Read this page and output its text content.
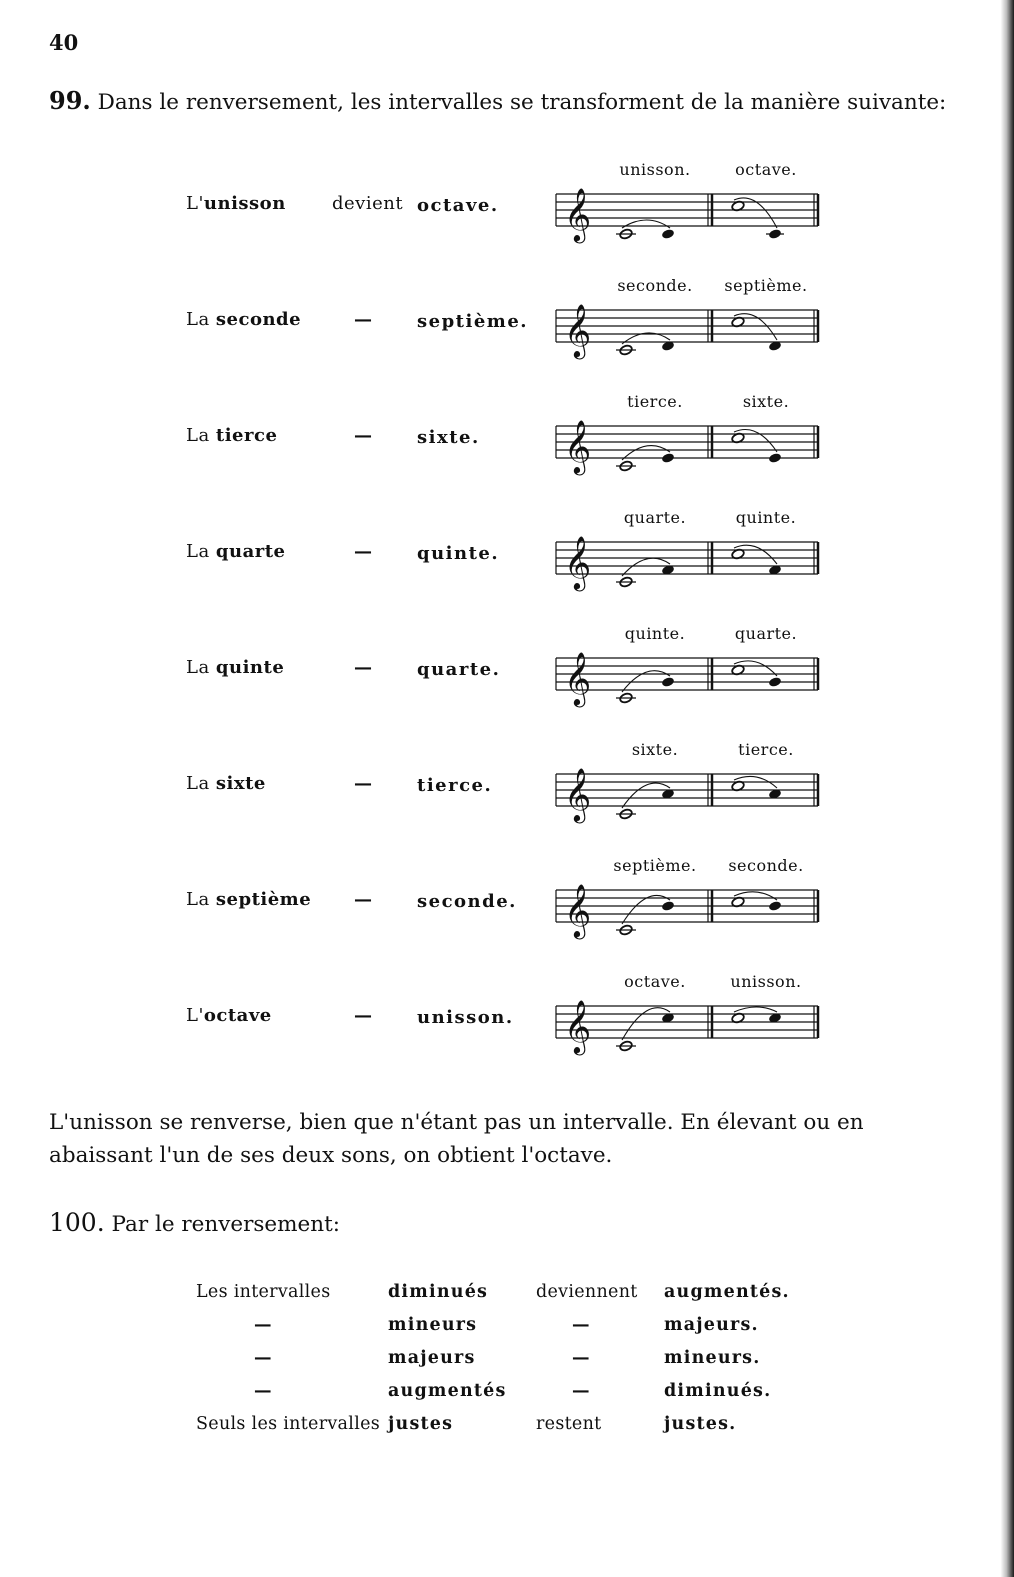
40
99. Dans le renversement, les intervalles se transforment de la manière suivante:
L'unisson	devient octave.
unisson.	octave.
𝄞
La seconde	—	septième.
seconde.	septième.
𝄞
La tierce	—	sixte.
tierce.	sixte.
𝄞
La quarte	—	quinte.
quarte.	quinte.
𝄞
La quinte	—	quarte.
quinte.	quarte.
𝄞
La sixte	—	tierce.
sixte.	tierce.
𝄞
La septième —	seconde.
septième.	seconde.
𝄞
L'octave	—	unisson.
octave.	unisson.
𝄞
L'unisson se renverse, bien que n'étant pas un intervalle. En élevant ou en abaissant l'un de ses deux sons, on obtient l'octave.
100. Par le renversement:
Les intervalles	diminués	deviennent augmentés.
—	mineurs	—	majeurs.
—	majeurs	—	mineurs.
—	augmentés	—	diminués.
Seuls les intervalles justes	restent	justes.
